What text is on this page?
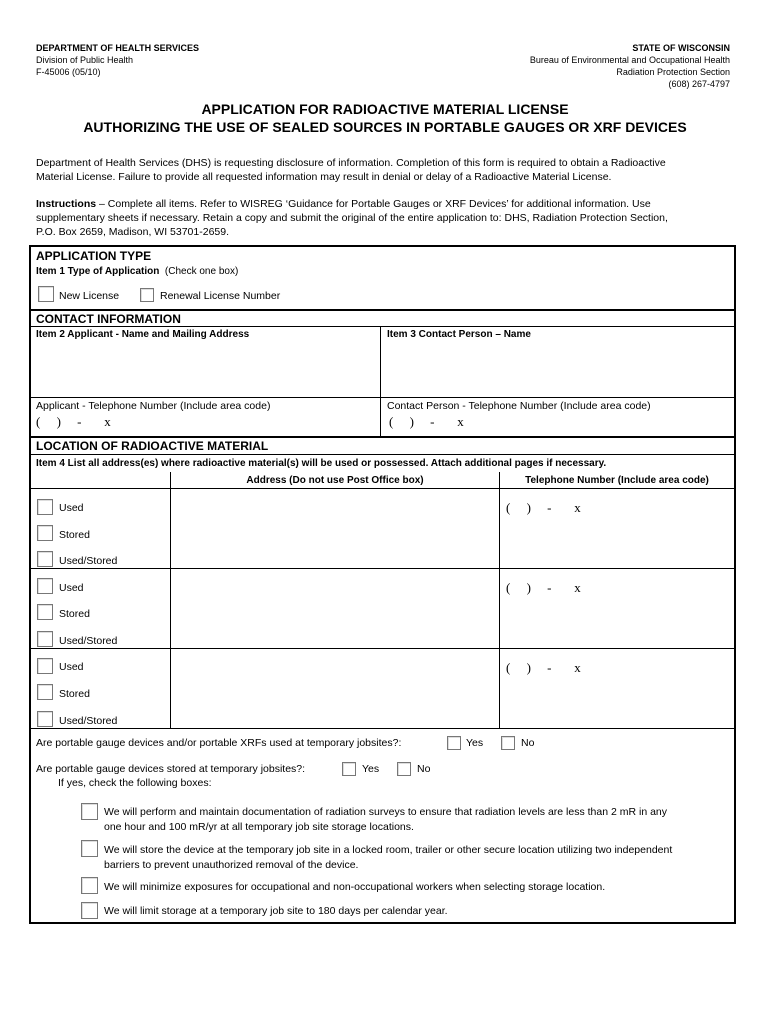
DEPARTMENT OF HEALTH SERVICES
Division of Public Health
F-45006 (05/10)
STATE OF WISCONSIN
Bureau of Environmental and Occupational Health
Radiation Protection Section
(608) 267-4797
APPLICATION FOR RADIOACTIVE MATERIAL LICENSE
AUTHORIZING THE USE OF SEALED SOURCES IN PORTABLE GAUGES OR XRF DEVICES
Department of Health Services (DHS) is requesting disclosure of information. Completion of this form is required to obtain a Radioactive
Material License. Failure to provide all requested information may result in denial or delay of a Radioactive Material License.
Instructions – Complete all items. Refer to WISREG ‘Guidance for Portable Gauges or XRF Devices’ for additional information. Use
supplementary sheets if necessary. Retain a copy and submit the original of the entire application to: DHS, Radiation Protection Section,
P.O. Box 2659, Madison, WI 53701-2659.
APPLICATION TYPE
Item 1 Type of Application (Check one box)
New License	Renewal License Number
CONTACT INFORMATION
Item 2 Applicant - Name and Mailing Address	Item 3 Contact Person – Name
Applicant - Telephone Number (Include area code)	Contact Person - Telephone Number (Include area code)
(     )     -       x	(     )     -       x
LOCATION OF RADIOACTIVE MATERIAL
Item 4 List all address(es) where radioactive material(s) will be used or possessed. Attach additional pages if necessary.
Address (Do not use Post Office box)	Telephone Number (Include area code)
Used
Stored
Used/Stored
(     )     -       x
Used
Stored
Used/Stored
(     )     -       x
Used
Stored
Used/Stored
(     )     -       x
Are portable gauge devices and/or portable XRFs used at temporary jobsites?:	Yes	No
Are portable gauge devices stored at temporary jobsites?:	Yes	No
If yes, check the following boxes:
We will perform and maintain documentation of radiation surveys to ensure that radiation levels are less than 2 mR in any
one hour and 100 mR/yr at all temporary job site storage locations.
We will store the device at the temporary job site in a locked room, trailer or other secure location utilizing two independent
barriers to prevent unauthorized removal of the device.
We will minimize exposures for occupational and non-occupational workers when selecting storage location.
We will limit storage at a temporary job site to 180 days per calendar year.
